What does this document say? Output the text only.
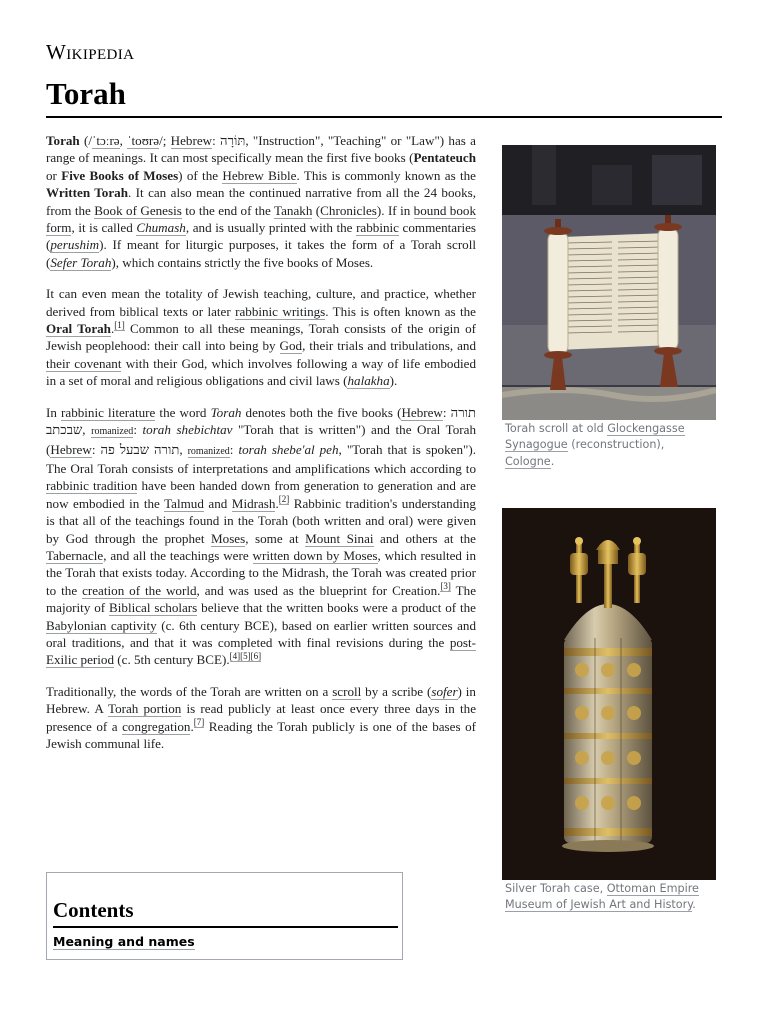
Wikipedia
Torah

Torah (/ˈtɔːrə, ˈtoʊrə/; Hebrew: תּוֹרָה, "Instruction", "Teaching" or "Law") has a range of meanings. It can most specifically mean the first five books (Pentateuch or Five Books of Moses) of the Hebrew Bible. This is commonly known as the Written Torah. It can also mean the continued narrative from all the 24 books, from the Book of Genesis to the end of the Tanakh (Chronicles). If in bound book form, it is called Chumash, and is usually printed with the rabbinic commentaries (perushim). If meant for liturgic purposes, it takes the form of a Torah scroll (Sefer Torah), which contains strictly the five books of Moses.

It can even mean the totality of Jewish teaching, culture, and practice, whether derived from biblical texts or later rabbinic writings. This is often known as the Oral Torah.[1] Common to all these meanings, Torah consists of the origin of Jewish peoplehood: their call into being by God, their trials and tribulations, and their covenant with their God, which involves following a way of life embodied in a set of moral and religious obligations and civil laws (halakha).

In rabbinic literature the word Torah denotes both the five books (Hebrew: תורה שבכתב, romanized: torah shebichtav "Torah that is written") and the Oral Torah (Hebrew: תורה שבעל פה, romanized: torah shebe'al peh, "Torah that is spoken"). The Oral Torah consists of interpretations and amplifications which according to rabbinic tradition have been handed down from generation to generation and are now embodied in the Talmud and Midrash.[2] Rabbinic tradition's understanding is that all of the teachings found in the Torah (both written and oral) were given by God through the prophet Moses, some at Mount Sinai and others at the Tabernacle, and all the teachings were written down by Moses, which resulted in the Torah that exists today. According to the Midrash, the Torah was created prior to the creation of the world, and was used as the blueprint for Creation.[3] The majority of Biblical scholars believe that the written books were a product of the Babylonian captivity (c. 6th century BCE), based on earlier written sources and oral traditions, and that it was completed with final revisions during the post-Exilic period (c. 5th century BCE).[4][5][6]

Traditionally, the words of the Torah are written on a scroll by a scribe (sofer) in Hebrew. A Torah portion is read publicly at least once every three days in the presence of a congregation.[7] Reading the Torah publicly is one of the bases of Jewish communal life.

Contents
Meaning and names
Torah scroll at old Glockengasse Synagogue (reconstruction), Cologne.
Silver Torah case, Ottoman Empire Museum of Jewish Art and History.
